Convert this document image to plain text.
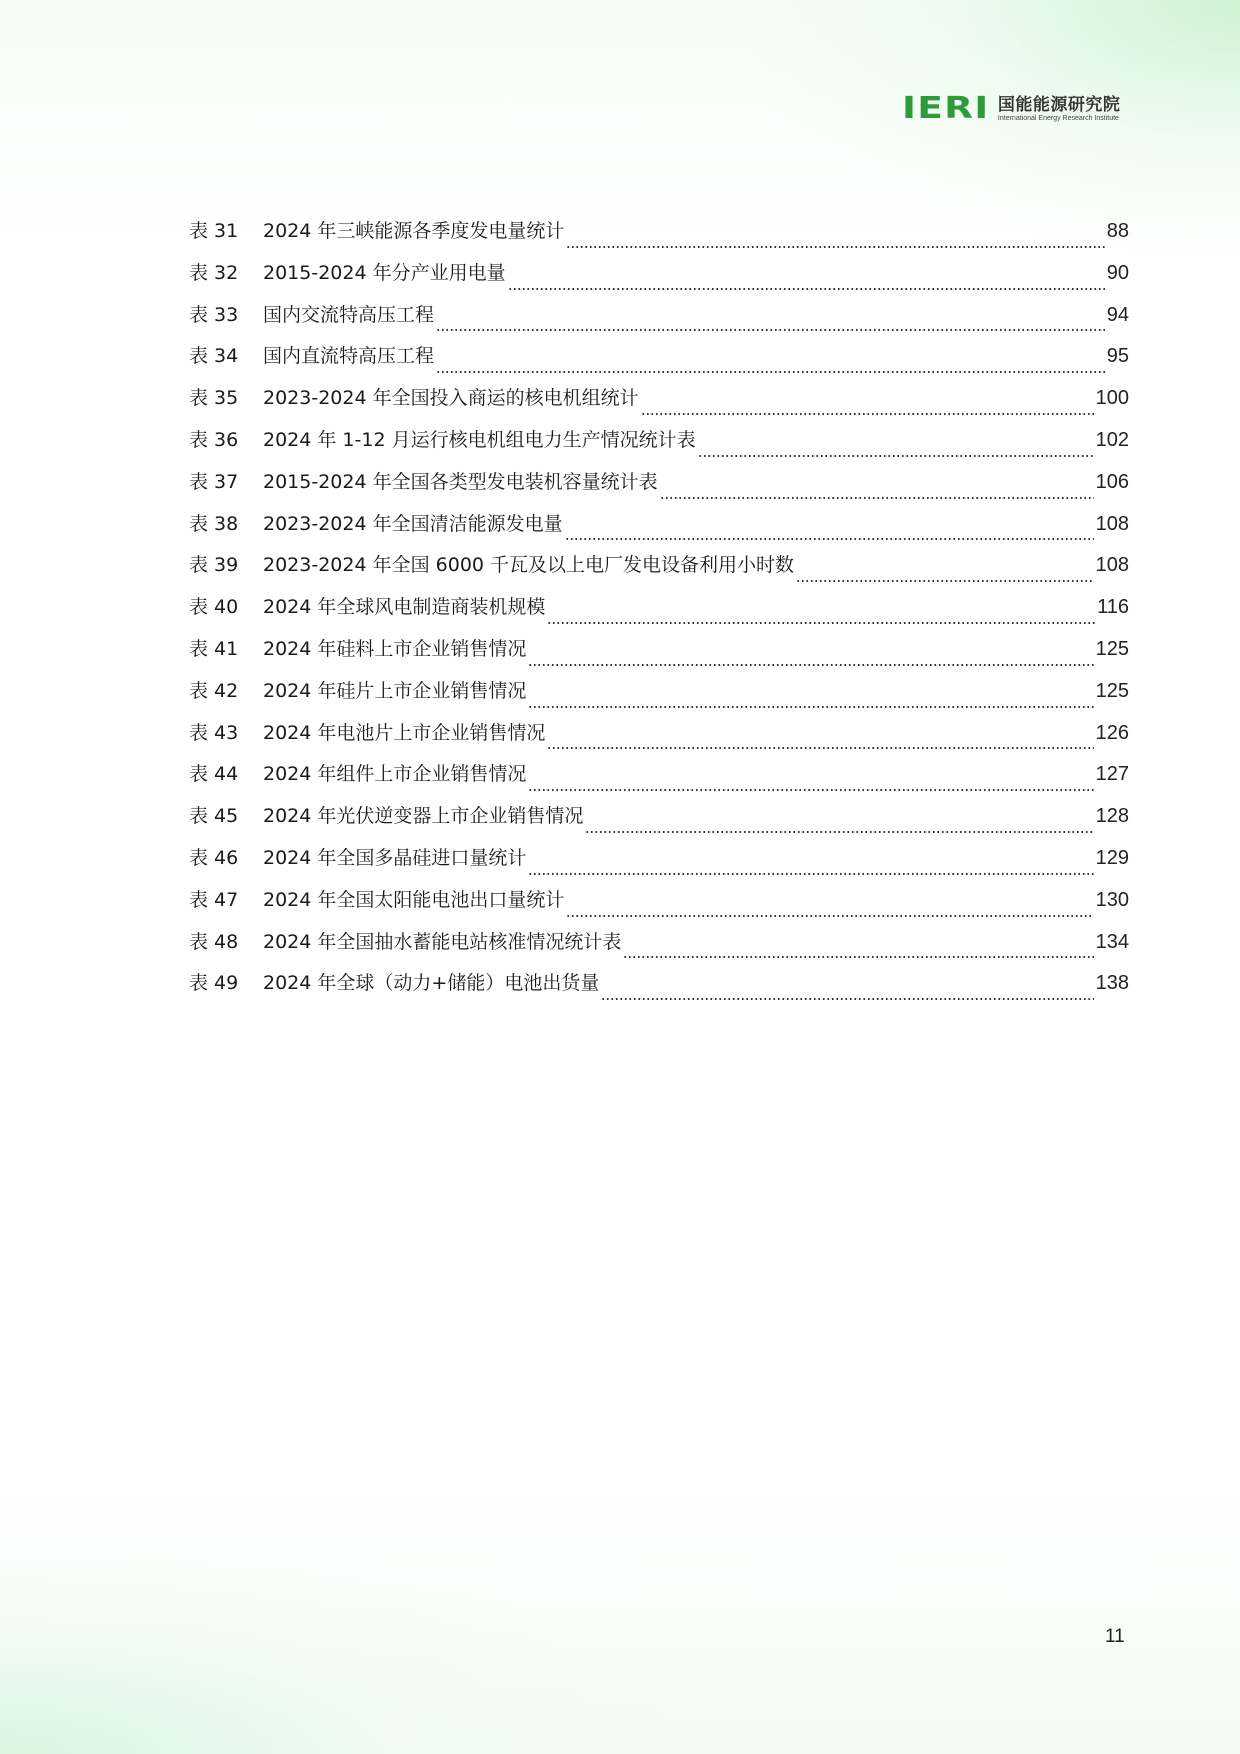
IERI 国能能源研究院
International Energy Research Institute
表 31	2024 年三峡能源各季度发电量统计	88
表 32	2015-2024 年分产业用电量	90
表 33	国内交流特高压工程	94
表 34	国内直流特高压工程	95
表 35	2023-2024 年全国投入商运的核电机组统计	100
表 36	2024 年 1-12 月运行核电机组电力生产情况统计表	102
表 37	2015-2024 年全国各类型发电装机容量统计表	106
表 38	2023-2024 年全国清洁能源发电量	108
表 39	2023-2024 年全国 6000 千瓦及以上电厂发电设备利用小时数	108
表 40	2024 年全球风电制造商装机规模	116
表 41	2024 年硅料上市企业销售情况	125
表 42	2024 年硅片上市企业销售情况	125
表 43	2024 年电池片上市企业销售情况	126
表 44	2024 年组件上市企业销售情况	127
表 45	2024 年光伏逆变器上市企业销售情况	128
表 46	2024 年全国多晶硅进口量统计	129
表 47	2024 年全国太阳能电池出口量统计	130
表 48	2024 年全国抽水蓄能电站核准情况统计表	134
表 49	2024 年全球（动力+储能）电池出货量	138
11
